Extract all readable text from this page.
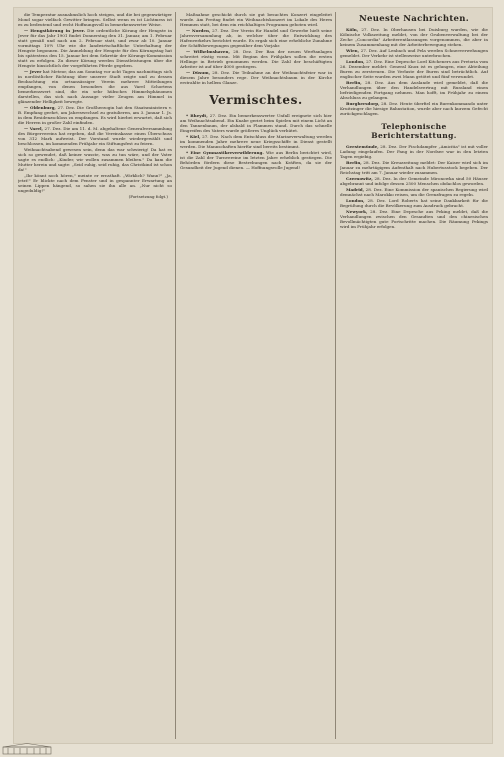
die Temperatur ausnahmslich hoch steigen, und die bei gegenwärtiger Mond sogar vielfach Gewitter bringen. Selbst wenn es ist Lichtmess ist es zu bedeutend und recht Hoffnungsvoll in bemerkenswerter Weise.

— Hengstkörung in Jever. Die ordentliche Körung der Hengste in Jever für das Jahr 1901 findet Donnerstag den 31. Januar, am 1. Februar statt gemäß und nach am 2. Februar statt, und zwar ab 10. Januar vormittags 10½ Uhr wie die landwirtschaftliche Unterhaltung der Hengste begonnen. Die Anmeldung der Hengste für den Körungstag hat bis spätestens den 15. Januar bei dem Sekretär der Körungs-Kommission statt zu erfolgen. Zu dieser Körung werden Dienstleistungen über die Hengste hinsichtlich der vorgeführten Pferde gegeben.

— Jever hat Meteor, das am Sonntag vor acht Tagen nachmittags sich in nordöstlicher Richtung über unserer Stadt zeigte und zu dessen Beobachtung ein ortsansässiger Verein mehrere Mitteilungen empfangen, von denen besonders die aus Varel Schortens bemerkenswert sind, die ein sehr hübsches Himmelsphänomen darstellen, das sich nach Aussage vieler Zeugen am Himmel in glänzender Helligkeit bewegte.

— Oldenburg, 27. Dez. Die Großherzogin hat den Staatsministern v. B. Empfang geehrt, am Jahreswechsel zu gratulieren, am 3. Januar 1. Js. in dem Residenzschloss zu empfangen. Es wird hierbei erwartet, daß sich die Herren in großer Zahl einfinden.

— Varel, 27. Dez. Die am 11. d. M. abgehaltene Generalversammlung des Bürgervereins hat ergeben, daß die Vereinskasse einen Überschuss von 312 Mark aufweist. Der Vorstand wurde wiedergewählt und beschlossen, im kommenden Frühjahr ein Stiftungsfest zu feiern.

Weihnachtsabend gewesen sein, denn das war schwierig! Da hat es sich so gewendet, daß keiner wusste, was zu tun wäre, und der Vater sagte es endlich: „Kinder, wir wollen zusammen bleiben." Da kam die Mutter herein und sagte: „Seid ruhig, seid ruhig, das Christkind ist schon da!"

„Ihr könnt noch hören," meinte er ernsthaft. „Wirklich? Wann?" „Ja, jetzt!" Er blickte nach dem Fenster und in gespannter Erwartung an seinen Lippen hängend, so sahen sie ihn alle an. „Nur nicht so ungeduldig!"

(Fortsetzung folgt.)

Maßnahme geschickt durch sie gut besuchtes Konzert eingeleitet wurde. Am Freitag findet ein Weihnachtskonzert im Lokale des Herrn Hemmen statt, bei dem ein reichhaltiges Programm geboten wird.

— Norden, 27. Dez. Der Verein für Handel und Gewerbe hielt seine Jahresversammlung ab, in welcher über die Entwicklung des Hafenverkehrs berichtet wurde. Es ergab sich eine erhebliche Zunahme der Schiffsbewegungen gegenüber dem Vorjahr.

— Wilhelmshaven, 28. Dez. Der Bau der neuen Werftanlagen schreitet rüstig voran. Mit Beginn des Frühjahrs sollen die ersten Hellinge in Betrieb genommen werden. Die Zahl der beschäftigten Arbeiter ist auf über 4000 gestiegen.

— Düsum, 28. Dez. Die Teilnahme an der Weihnachtsfeier war in diesem Jahre besonders rege. Der Weihnachtsbaum in der Kirche erstrahlte in hellem Glanze.

Vermischtes.

* Rheydt, 27. Dez. Ein bemerkenswerter Unfall ereignete sich hier am Weihnachtsabend. Ein Knabe geriet beim Spielen mit einem Licht an den Tannenbaum, der alsbald in Flammen stand. Durch das schnelle Eingreifen des Vaters wurde größeres Unglück verhütet.

* Kiel, 27. Dez. Nach dem Entschluss der Marineverwaltung werden im kommenden Jahre mehrere neue Kriegsschiffe in Dienst gestellt werden. Die Mannschaften hierfür sind bereits bestimmt.

* Eine Gymnastikreverwilderung. Wie aus Berlin berichtet wird, ist die Zahl der Turnvereine im letzten Jahre erheblich gestiegen. Die Behörden fördern diese Bestrebungen nach Kräften, da sie der Gesundheit der Jugend dienen. — Hoffnungsvolle Jugend!

Neueste Nachrichten.

Köln, 27. Dez. In Oberhausen bei Duisburg wurden, wie die Kölnische Volkszeitung meldet, von der Grubenverwaltung bei der Zeche „Concordia" Arbeiterentlassungen vorgenommen, die aber in keinem Zusammenhang mit der Arbeiterbewegung stehen.

Wien, 27. Dez. Auf Lenbach und Pela werden Schneeverwehungen gemeldet. Der Verkehr ist stellenweise unterbrochen.

London, 27. Dez. Eine Depesche Lord Kitcheners aus Pretoria vom 26. Dezember meldet: General Knox ist es gelungen, eine Abteilung Buren zu zerstreuen. Die Verluste der Buren sind beträchtlich. Auf englischer Seite wurden zwei Mann getötet und fünf verwundet.

Berlin, 28. Dez. Aus dem Auslande wird gemeldet, daß die Verhandlungen über den Handelsvertrag mit Russland einen befriedigenden Fortgang nehmen. Man hofft, im Frühjahr zu einem Abschluss zu gelangen.

Burghersdorp, 28. Dez. Heute überfiel ein Burenkommando unter Kruitzinger die hiesige Bahnstation, wurde aber nach kurzem Gefecht zurückgeschlagen.

Telephonische Berichterstattung.

Geestemünde, 28. Dez. Der Fischdampfer „Amicitia" ist mit voller Ladung eingelaufen. Der Fang in der Nordsee war in den letzten Tagen ergiebig.

Berlin, 28. Dez. Die Kreuzzeitung meldet: Der Kaiser wird sich im Januar zu mehrtägigem Aufenthalt nach Hubertusstock begeben. Der Reichstag tritt am 7. Januar wieder zusammen.

Czernowitz, 28. Dez. In der Gemeinde Mironowka sind 50 Häuser abgebrannt und infolge dessen 2500 Menschen obdachlos geworden.

Madrid, 28. Dez. Eine Kommission der spanischen Regierung wird demnächst nach Marokko reisen, um die Grenzfragen zu regeln.

London, 28. Dez. Lord Roberts hat seine Dankbarkeit für die Begrüßung durch die Bevölkerung zum Ausdruck gebracht.

Newyork, 28. Dez. Eine Depesche aus Peking meldet, daß die Verhandlungen zwischen den Gesandten und den chinesischen Bevollmächtigten gute Fortschritte machen. Die Räumung Pekings wird im Frühjahr erfolgen.
